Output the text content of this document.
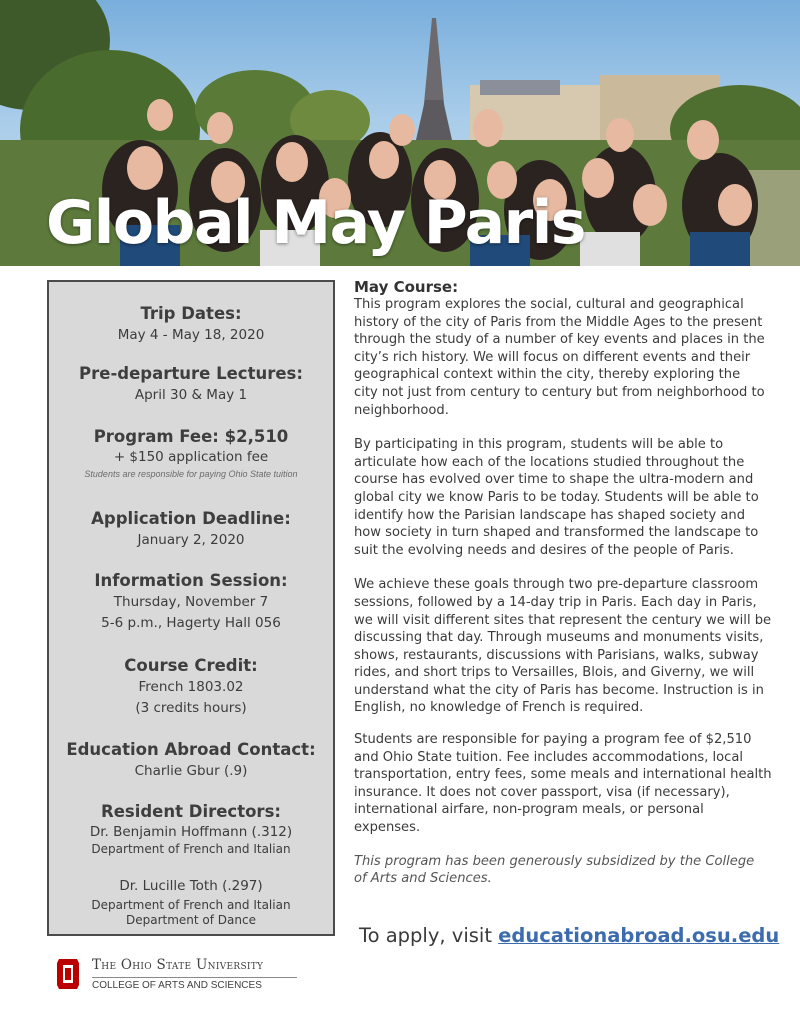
Global May Paris
Trip Dates:
May 4 - May 18, 2020
Pre-departure Lectures:
April 30 & May 1
Program Fee: $2,510
+ $150 application fee
Students are responsible for paying Ohio State tuition
Application Deadline:
January 2, 2020
Information Session:
Thursday, November 7
5-6 p.m., Hagerty Hall 056
Course Credit:
French 1803.02
(3 credits hours)
Education Abroad Contact:
Charlie Gbur (.9)
Resident Directors:
Dr. Benjamin Hoffmann (.312)
Department of French and Italian
Dr. Lucille Toth (.297)
Department of French and Italian
Department of Dance
May Course:
This program explores the social, cultural and geographical
history of the city of Paris from the Middle Ages to the present
through the study of a number of key events and places in the
city’s rich history. We will focus on different events and their
geographical context within the city, thereby exploring the
city not just from century to century but from neighborhood to
neighborhood.
By participating in this program, students will be able to
articulate how each of the locations studied throughout the
course has evolved over time to shape the ultra-modern and
global city we know Paris to be today. Students will be able to
identify how the Parisian landscape has shaped society and
how society in turn shaped and transformed the landscape to
suit the evolving needs and desires of the people of Paris.
We achieve these goals through two pre-departure classroom
sessions, followed by a 14-day trip in Paris. Each day in Paris,
we will visit different sites that represent the century we will be
discussing that day. Through museums and monuments visits,
shows, restaurants, discussions with Parisians, walks, subway
rides, and short trips to Versailles, Blois, and Giverny, we will
understand what the city of Paris has become. Instruction is in
English, no knowledge of French is required.
Students are responsible for paying a program fee of $2,510
and Ohio State tuition. Fee includes accommodations, local
transportation, entry fees, some meals and international health
insurance. It does not cover passport, visa (if necessary),
international airfare, non-program meals, or personal
expenses.
This program has been generously subsidized by the College
of Arts and Sciences.
To apply, visit educationabroad.osu.edu
The Ohio State University
COLLEGE OF ARTS AND SCIENCES
